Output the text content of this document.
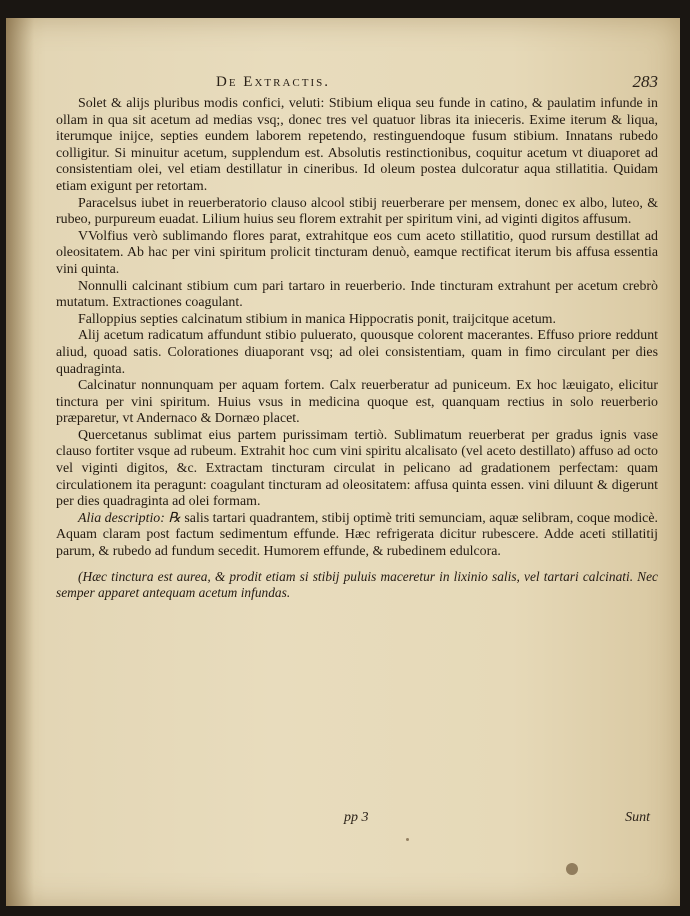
De Extractis.	283

Solet & alijs pluribus modis confici, veluti: Stibium eliqua seu funde in catino, & paulatim infunde in ollam in qua sit acetum ad medias vsq;, donec tres vel quatuor libras ita inieceris. Exime iterum & liqua, iterumque inijce, septies eundem laborem repetendo, restinguendoque fusum stibium. Innatans rubedo colligitur. Si minuitur acetum, supplendum est. Absolutis restinctionibus, coquitur acetum vt diuaporet ad consistentiam olei, vel etiam destillatur in cineribus. Id oleum postea dulcoratur aqua stillatitia. Quidam etiam exigunt per retortam.

Paracelsus iubet in reuerberatorio clauso alcool stibij reuerberare per mensem, donec ex albo, luteo, & rubeo, purpureum euadat. Lilium huius seu florem extrahit per spiritum vini, ad viginti digitos affusum.

VVolfius verò sublimando flores parat, extrahitque eos cum aceto stillatitio, quod rursum destillat ad oleositatem. Ab hac per vini spiritum prolicit tincturam denuò, eamque rectificat iterum bis affusa essentia vini quinta.

Nonnulli calcinant stibium cum pari tartaro in reuerberio. Inde tincturam extrahunt per acetum crebrò mutatum. Extractiones coagulant.

Falloppius septies calcinatum stibium in manica Hippocratis ponit, traijcitque acetum.

Alij acetum radicatum affundunt stibio puluerato, quousque colorent macerantes. Effuso priore reddunt aliud, quoad satis. Colorationes diuaporant vsq; ad olei consistentiam, quam in fimo circulant per dies quadraginta.

Calcinatur nonnunquam per aquam fortem. Calx reuerberatur ad puniceum. Ex hoc læuigato, elicitur tinctura per vini spiritum. Huius vsus in medicina quoque est, quanquam rectius in solo reuerberio præparetur, vt Andernaco & Dornæo placet.

Quercetanus sublimat eius partem purissimam tertiò. Sublimatum reuerberat per gradus ignis vase clauso fortiter vsque ad rubeum. Extrahit hoc cum vini spiritu alcalisato (vel aceto destillato) affuso ad octo vel viginti digitos, &c. Extractam tincturam circulat in pelicano ad gradationem perfectam: quam circulationem ita peragunt: coagulant tincturam ad oleositatem: affusa quinta essen. vini diluunt & digerunt per dies quadraginta ad olei formam.

Alia descriptio: ℞ salis tartari quadrantem, stibij optimè triti semunciam, aquæ selibram, coque modicè. Aquam claram post factum sedimentum effunde. Hæc refrigerata dicitur rubescere. Adde aceti stillatitij parum, & rubedo ad fundum secedit. Humorem effunde, & rubedinem edulcora.

(Hæc tinctura est aurea, & prodit etiam si stibij puluis maceretur in lixinio salis, vel tartari calcinati. Nec semper apparet antequam acetum infundas.

pp 3	Sunt
